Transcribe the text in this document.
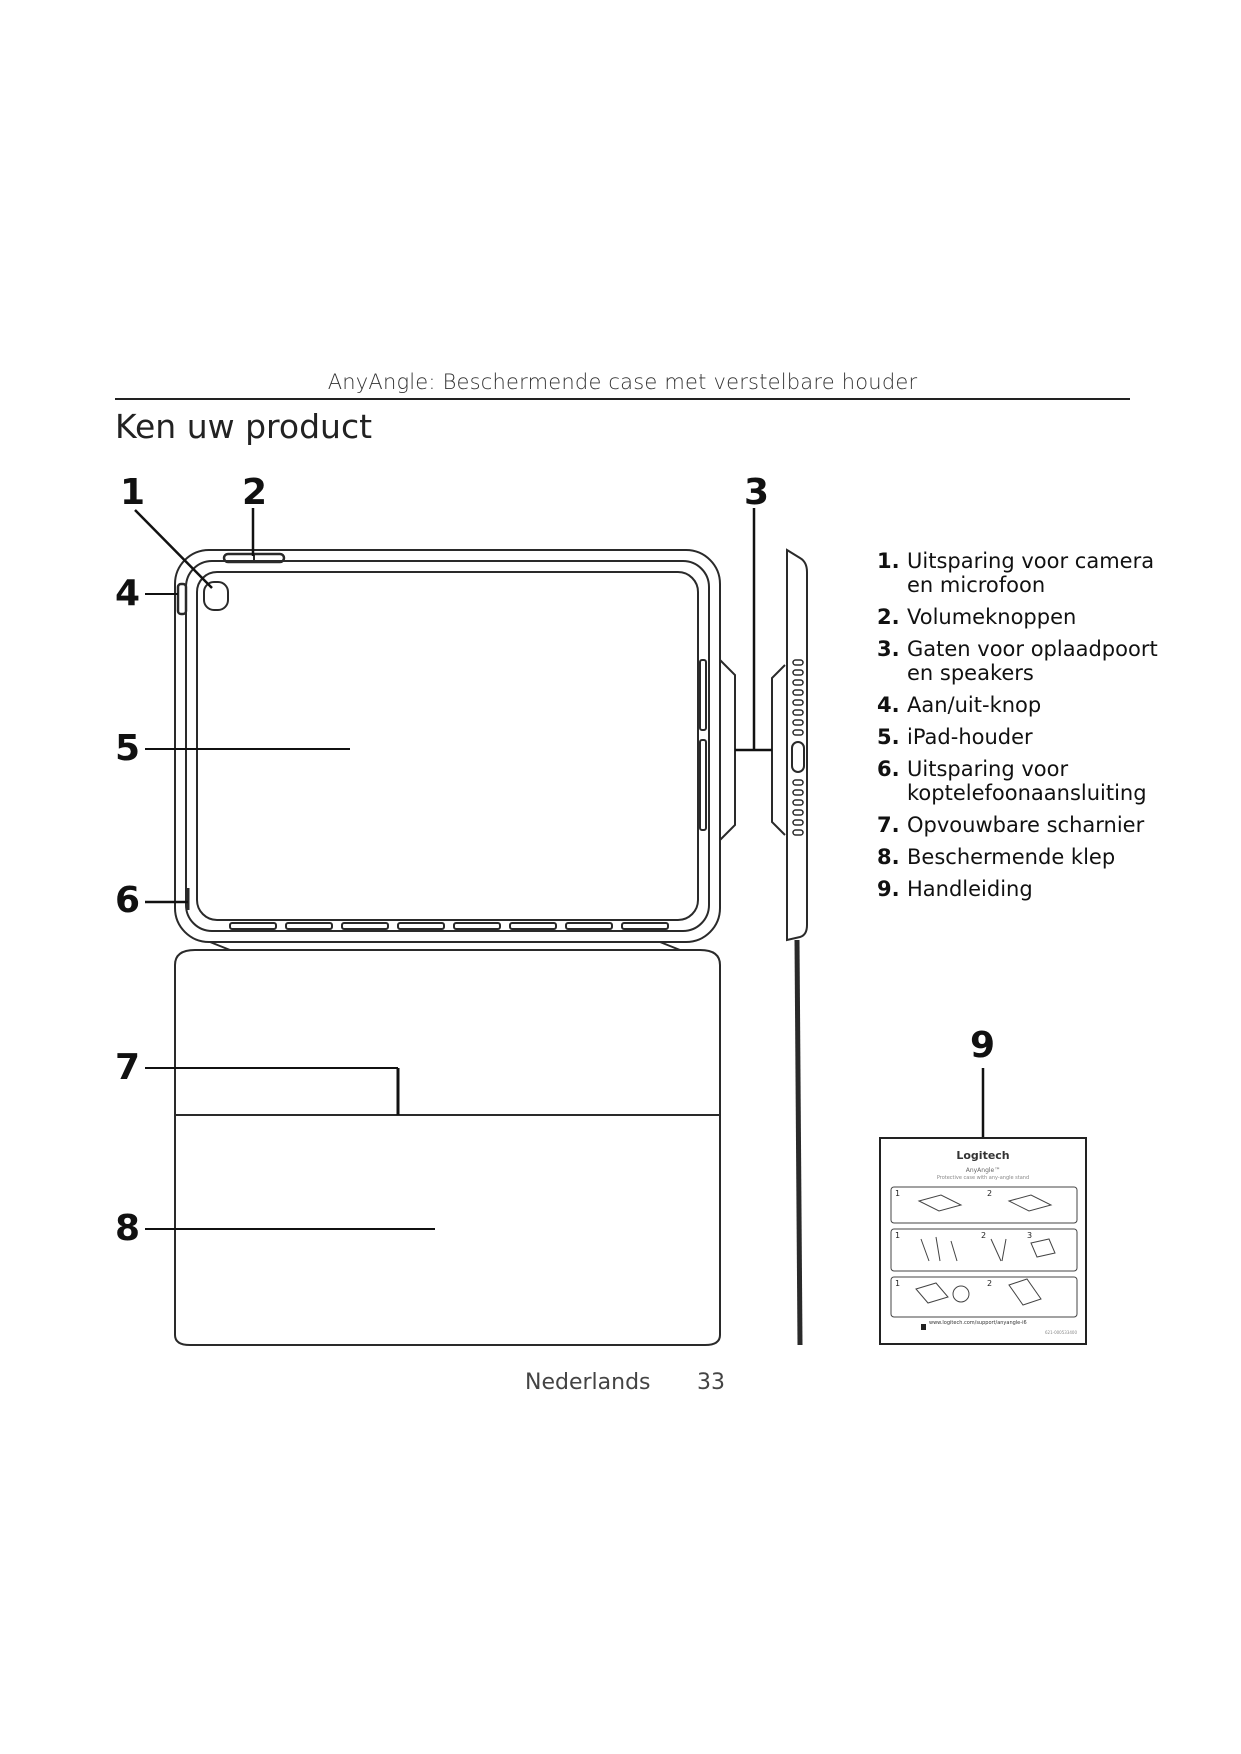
AnyAngle: Beschermende case met verstelbare houder
Ken uw product
1	2	3
4
5
6
7
8
9
1. Uitsparing voor camera
en microfoon
2. Volumeknoppen
3. Gaten voor oplaadpoort
en speakers
4. Aan/uit-knop
5. iPad-houder
6. Uitsparing voor
koptelefoonaansluiting
7. Opvouwbare scharnier
8. Beschermende klep
9. Handleiding
Logitech
AnyAngle™
Protective case with any-angle stand
1	2
1	2	3
1	2
www.logitech.com/support/anyangle-i6
621-000533400
Nederlands 33
